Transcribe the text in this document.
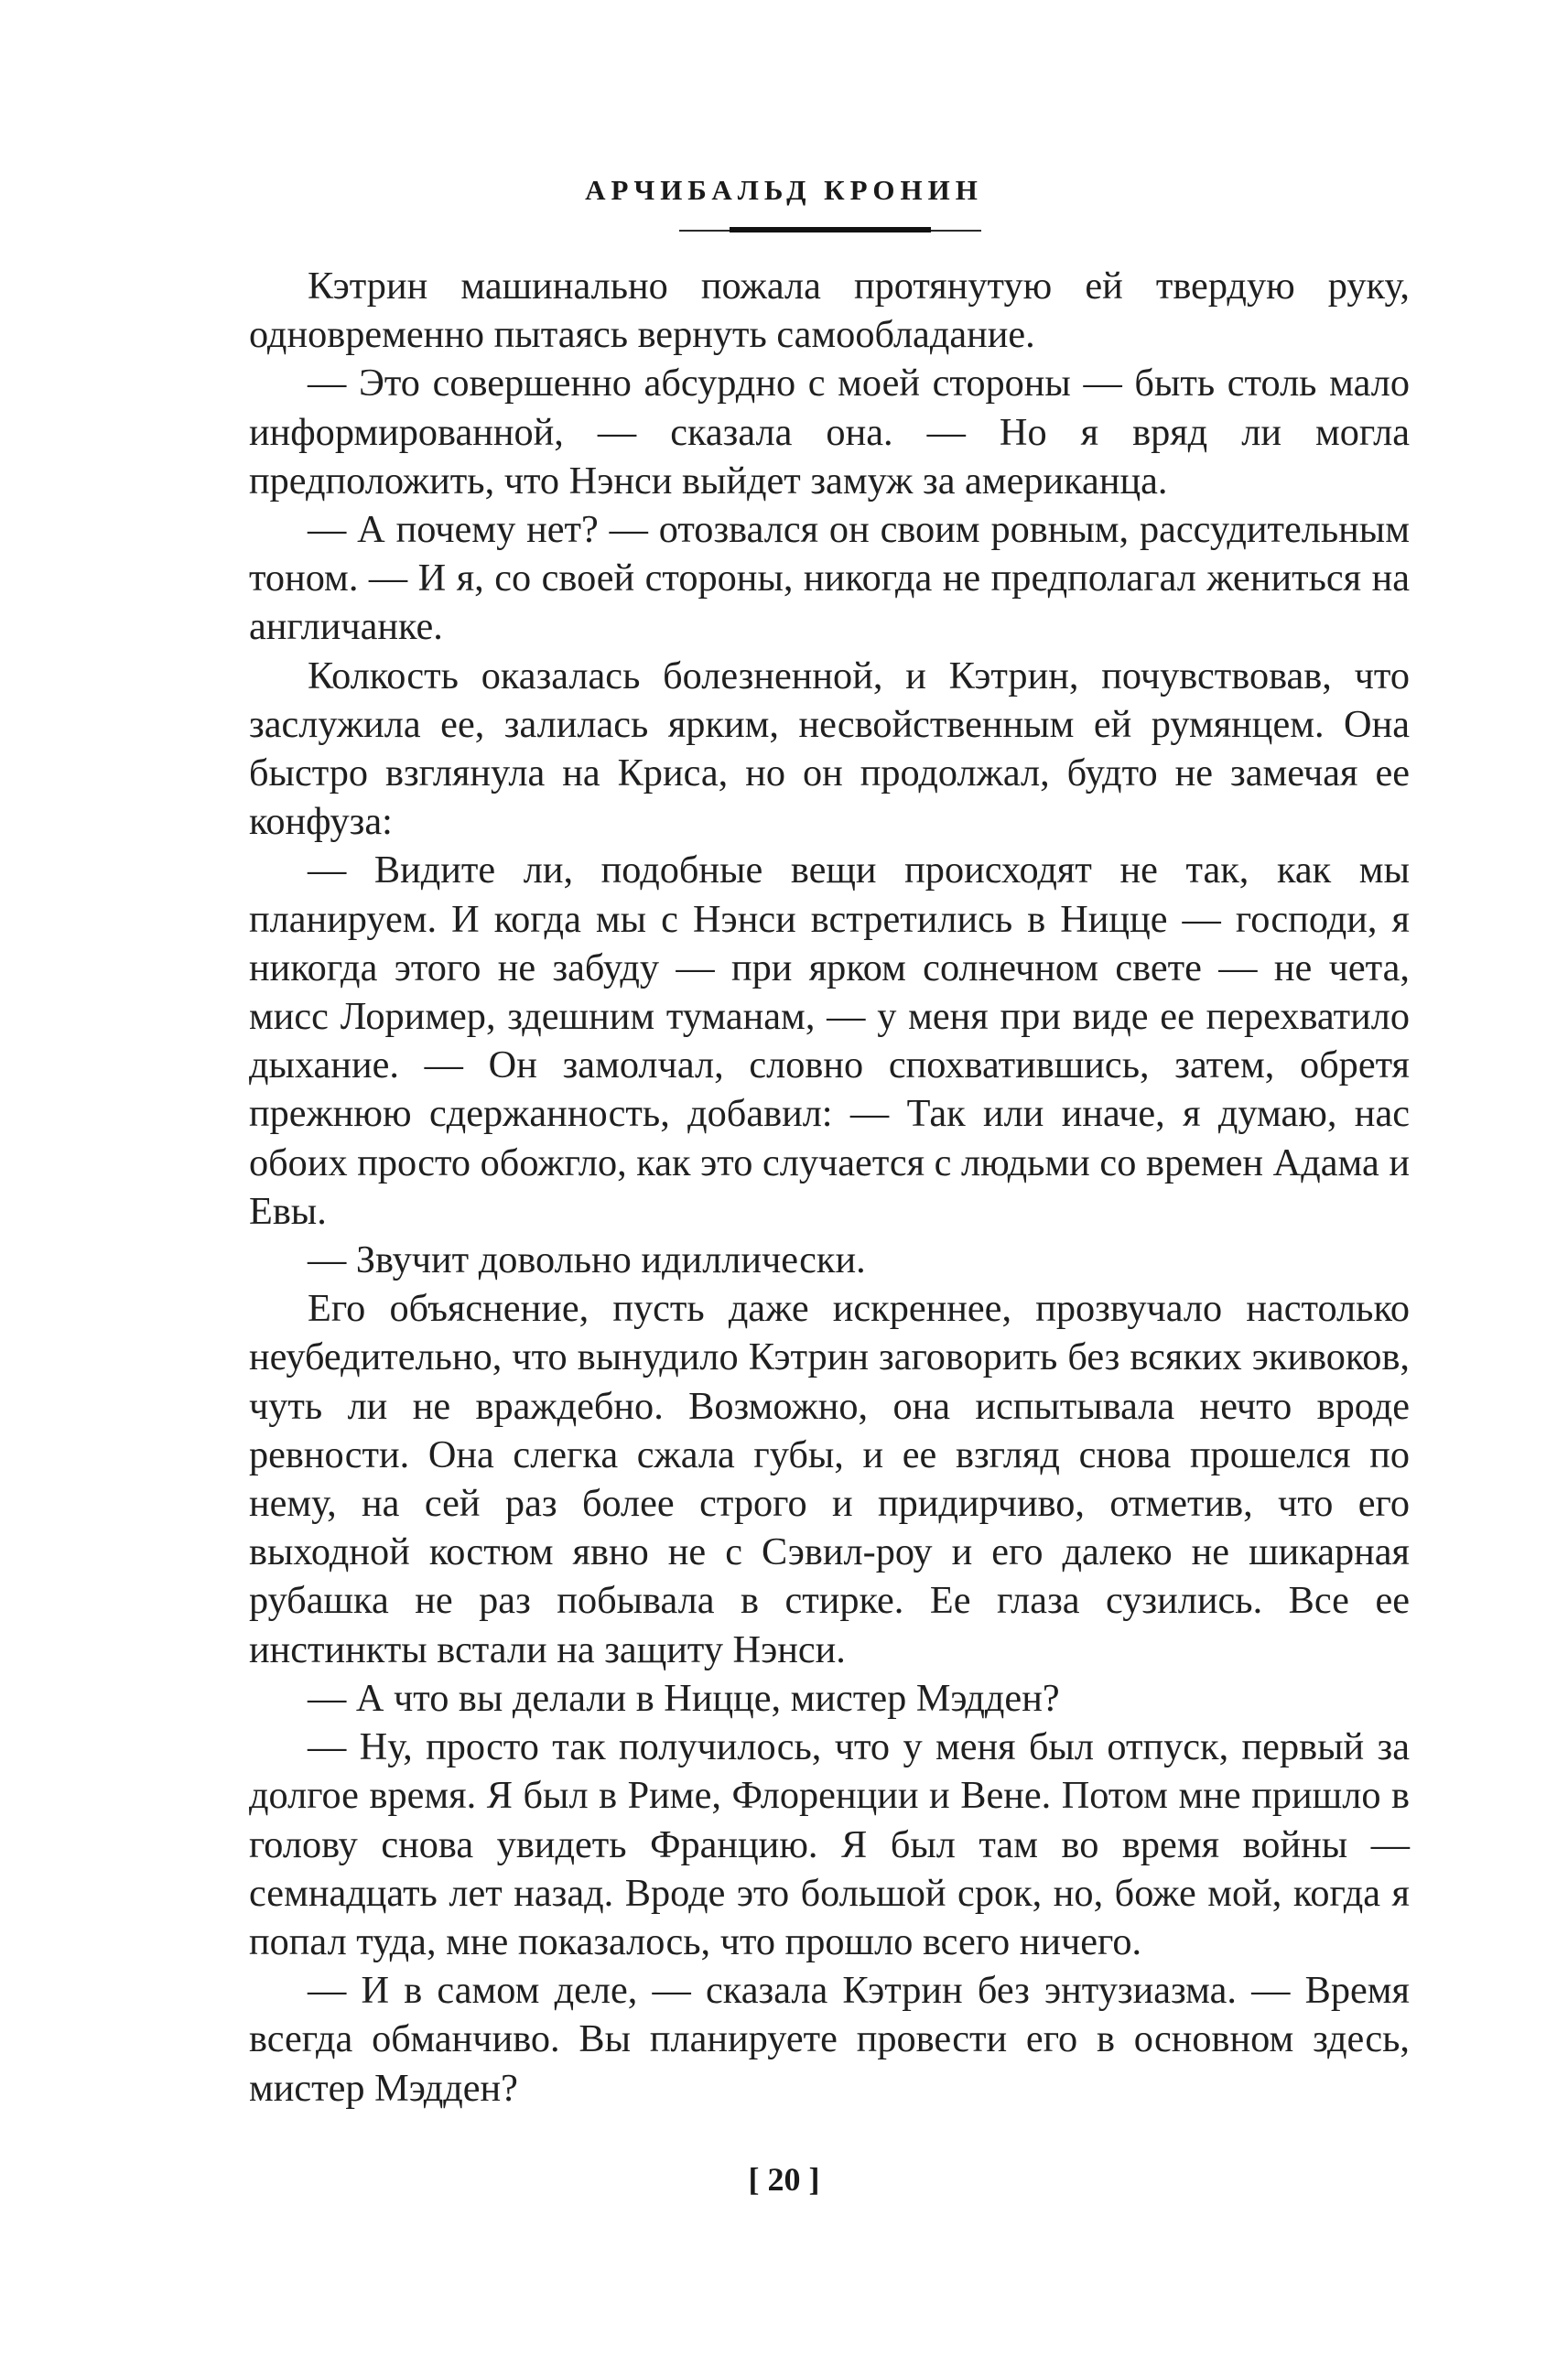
АРЧИБАЛЬД КРОНИН

Кэтрин машинально пожала протянутую ей твердую руку, одновременно пытаясь вернуть самообладание.

— Это совершенно абсурдно с моей стороны — быть столь мало информированной, — сказала она. — Но я вряд ли могла предположить, что Нэнси выйдет замуж за американца.

— А почему нет? — отозвался он своим ровным, рассудительным тоном. — И я, со своей стороны, никогда не предполагал жениться на англичанке.

Колкость оказалась болезненной, и Кэтрин, почувствовав, что заслужила ее, залилась ярким, несвойственным ей румянцем. Она быстро взглянула на Криса, но он продолжал, будто не замечая ее конфуза:

— Видите ли, подобные вещи происходят не так, как мы планируем. И когда мы с Нэнси встретились в Ницце — господи, я никогда этого не забуду — при ярком солнечном свете — не чета, мисс Лоример, здешним туманам, — у меня при виде ее перехватило дыхание. — Он замолчал, словно спохватившись, затем, обретя прежнюю сдержанность, добавил: — Так или иначе, я думаю, нас обоих просто обожгло, как это случается с людьми со времен Адама и Евы.

— Звучит довольно идиллически.

Его объяснение, пусть даже искреннее, прозвучало настолько неубедительно, что вынудило Кэтрин заговорить без всяких экивоков, чуть ли не враждебно. Возможно, она испытывала нечто вроде ревности. Она слегка сжала губы, и ее взгляд снова прошелся по нему, на сей раз более строго и придирчиво, отметив, что его выходной костюм явно не с Сэвил-роу и его далеко не шикарная рубашка не раз побывала в стирке. Ее глаза сузились. Все ее инстинкты встали на защиту Нэнси.

— А что вы делали в Ницце, мистер Мэдден?

— Ну, просто так получилось, что у меня был отпуск, первый за долгое время. Я был в Риме, Флоренции и Вене. Потом мне пришло в голову снова увидеть Францию. Я был там во время войны — семнадцать лет назад. Вроде это большой срок, но, боже мой, когда я попал туда, мне показалось, что прошло всего ничего.

— И в самом деле, — сказала Кэтрин без энтузиазма. — Время всегда обманчиво. Вы планируете провести его в основном здесь, мистер Мэдден?

[ 20 ]
